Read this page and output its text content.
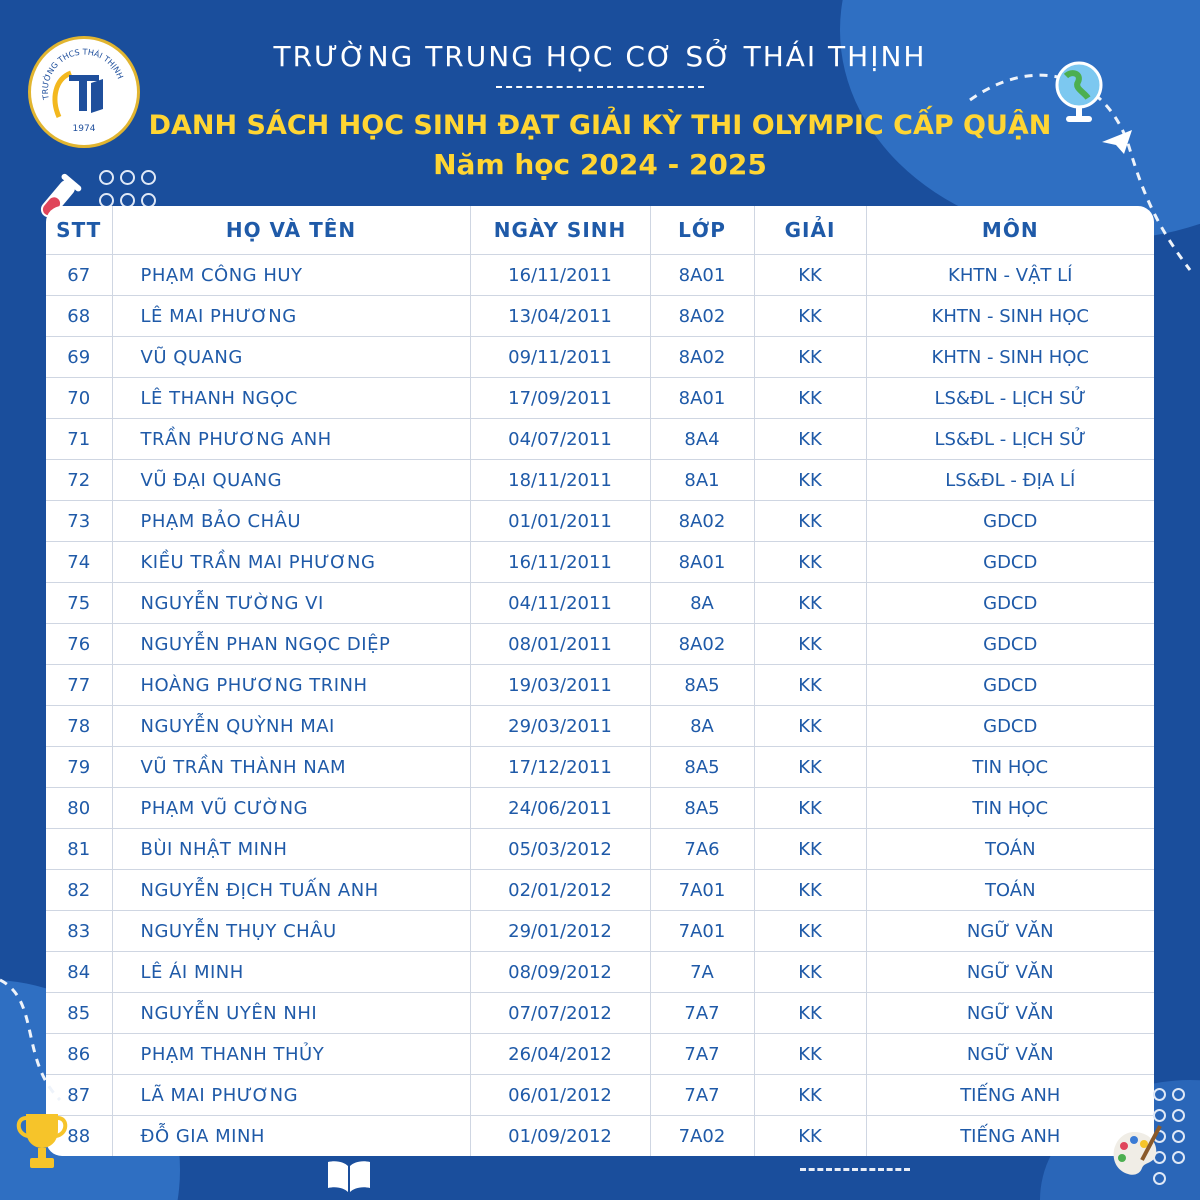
TRƯỜNG THCS THÁI THỊNH
1974
TRƯỜNG TRUNG HỌC CƠ SỞ THÁI THỊNH
DANH SÁCH HỌC SINH ĐẠT GIẢI KỲ THI OLYMPIC CẤP QUẬN
Năm học 2024 - 2025

STT	HỌ VÀ TÊN	NGÀY SINH	LỚP	GIẢI	MÔN
67	PHẠM CÔNG HUY	16/11/2011	8A01	KK	KHTN - VẬT LÍ
68	LÊ MAI PHƯƠNG	13/04/2011	8A02	KK	KHTN - SINH HỌC
69	VŨ QUANG	09/11/2011	8A02	KK	KHTN - SINH HỌC
70	LÊ THANH NGỌC	17/09/2011	8A01	KK	LS&ĐL - LỊCH SỬ
71	TRẦN PHƯƠNG ANH	04/07/2011	8A4	KK	LS&ĐL - LỊCH SỬ
72	VŨ ĐẠI QUANG	18/11/2011	8A1	KK	LS&ĐL - ĐỊA LÍ
73	PHẠM BẢO CHÂU	01/01/2011	8A02	KK	GDCD
74	KIỀU TRẦN MAI PHƯƠNG	16/11/2011	8A01	KK	GDCD
75	NGUYỄN TƯỜNG VI	04/11/2011	8A	KK	GDCD
76	NGUYỄN PHAN NGỌC DIỆP	08/01/2011	8A02	KK	GDCD
77	HOÀNG PHƯƠNG TRINH	19/03/2011	8A5	KK	GDCD
78	NGUYỄN QUỲNH MAI	29/03/2011	8A	KK	GDCD
79	VŨ TRẦN THÀNH NAM	17/12/2011	8A5	KK	TIN HỌC
80	PHẠM VŨ CƯỜNG	24/06/2011	8A5	KK	TIN HỌC
81	BÙI NHẬT MINH	05/03/2012	7A6	KK	TOÁN
82	NGUYỄN ĐỊCH TUẤN ANH	02/01/2012	7A01	KK	TOÁN
83	NGUYỄN THỤY CHÂU	29/01/2012	7A01	KK	NGỮ VĂN
84	LÊ ÁI MINH	08/09/2012	7A	KK	NGỮ VĂN
85	NGUYỄN UYÊN NHI	07/07/2012	7A7	KK	NGỮ VĂN
86	PHẠM THANH THỦY	26/04/2012	7A7	KK	NGỮ VĂN
87	LÃ MAI PHƯƠNG	06/01/2012	7A7	KK	TIẾNG ANH
88	ĐỖ GIA MINH	01/09/2012	7A02	KK	TIẾNG ANH
